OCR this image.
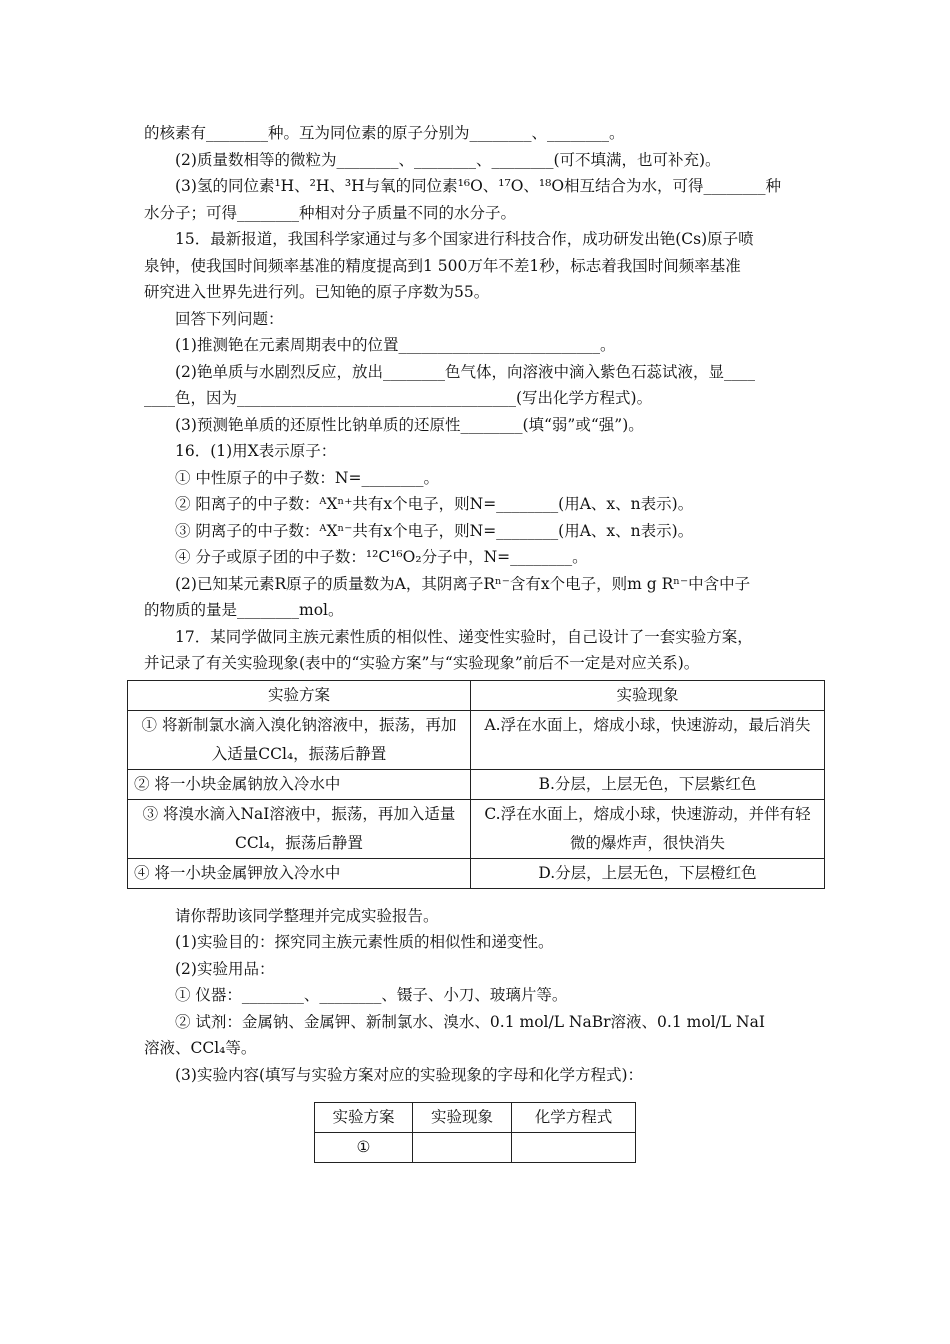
的核素有________种。互为同位素的原子分别为________、________。
(2)质量数相等的微粒为________、________、________(可不填满，也可补充)。
(3)氢的同位素¹H、²H、³H与氧的同位素¹⁶O、¹⁷O、¹⁸O相互结合为水，可得________种
水分子；可得________种相对分子质量不同的水分子。
15．最新报道，我国科学家通过与多个国家进行科技合作，成功研发出铯(Cs)原子喷
泉钟，使我国时间频率基准的精度提高到1 500万年不差1秒，标志着我国时间频率基准
研究进入世界先进行列。已知铯的原子序数为55。
回答下列问题：
(1)推测铯在元素周期表中的位置__________________________。
(2)铯单质与水剧烈反应，放出________色气体，向溶液中滴入紫色石蕊试液，显____
____色，因为____________________________________(写出化学方程式)。
(3)预测铯单质的还原性比钠单质的还原性________(填“弱”或“强”)。
16．(1)用X表示原子：
① 中性原子的中子数：N=________。
② 阳离子的中子数：ᴬXⁿ⁺共有x个电子，则N=________(用A、x、n表示)。
③ 阴离子的中子数：ᴬXⁿ⁻共有x个电子，则N=________(用A、x、n表示)。
④ 分子或原子团的中子数：¹²C¹⁶O₂分子中，N=________。
(2)已知某元素R原子的质量数为A，其阴离子Rⁿ⁻含有x个电子，则m g Rⁿ⁻中含中子
的物质的量是________mol。
17．某同学做同主族元素性质的相似性、递变性实验时，自己设计了一套实验方案，
并记录了有关实验现象(表中的“实验方案”与“实验现象”前后不一定是对应关系)。
实验方案	实验现象
① 将新制氯水滴入溴化钠溶液中，振荡，再加入适量CCl₄，振荡后静置	A.浮在水面上，熔成小球，快速游动，最后消失
② 将一小块金属钠放入冷水中	B.分层，上层无色，下层紫红色
③ 将溴水滴入NaI溶液中，振荡，再加入适量CCl₄，振荡后静置	C.浮在水面上，熔成小球，快速游动，并伴有轻微的爆炸声，很快消失
④ 将一小块金属钾放入冷水中	D.分层，上层无色，下层橙红色
请你帮助该同学整理并完成实验报告。
(1)实验目的：探究同主族元素性质的相似性和递变性。
(2)实验用品：
① 仪器：________、________、镊子、小刀、玻璃片等。
② 试剂：金属钠、金属钾、新制氯水、溴水、0.1 mol/L NaBr溶液、0.1 mol/L NaI
溶液、CCl₄等。
(3)实验内容(填写与实验方案对应的实验现象的字母和化学方程式)：
实验方案	实验现象	化学方程式
①		
